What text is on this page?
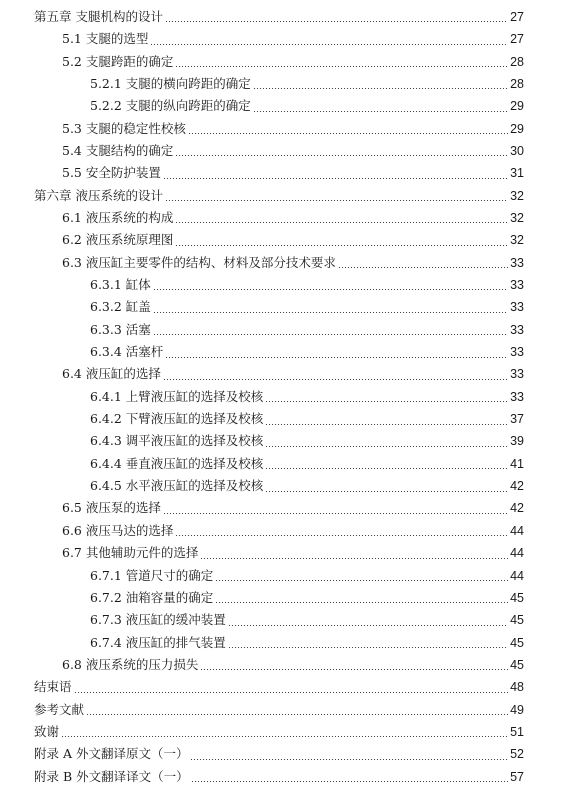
第五章 支腿机构的设计	27
5.1 支腿的选型	27
5.2 支腿跨距的确定	28
5.2.1 支腿的横向跨距的确定	28
5.2.2 支腿的纵向跨距的确定	29
5.3 支腿的稳定性校核	29
5.4 支腿结构的确定	30
5.5 安全防护装置	31
第六章 液压系统的设计	32
6.1 液压系统的构成	32
6.2 液压系统原理图	32
6.3 液压缸主要零件的结构、材料及部分技术要求	33
6.3.1 缸体	33
6.3.2 缸盖	33
6.3.3 活塞	33
6.3.4 活塞杆	33
6.4 液压缸的选择	33
6.4.1 上臂液压缸的选择及校核	33
6.4.2 下臂液压缸的选择及校核	37
6.4.3 调平液压缸的选择及校核	39
6.4.4 垂直液压缸的选择及校核	41
6.4.5 水平液压缸的选择及校核	42
6.5 液压泵的选择	42
6.6 液压马达的选择	44
6.7 其他辅助元件的选择	44
6.7.1 管道尺寸的确定	44
6.7.2 油箱容量的确定	45
6.7.3 液压缸的缓冲装置	45
6.7.4 液压缸的排气装置	45
6.8 液压系统的压力损失	45
结束语	48
参考文献	49
致谢	51
附录 A 外文翻译原文（一）	52
附录 B 外文翻译译文（一）	57
